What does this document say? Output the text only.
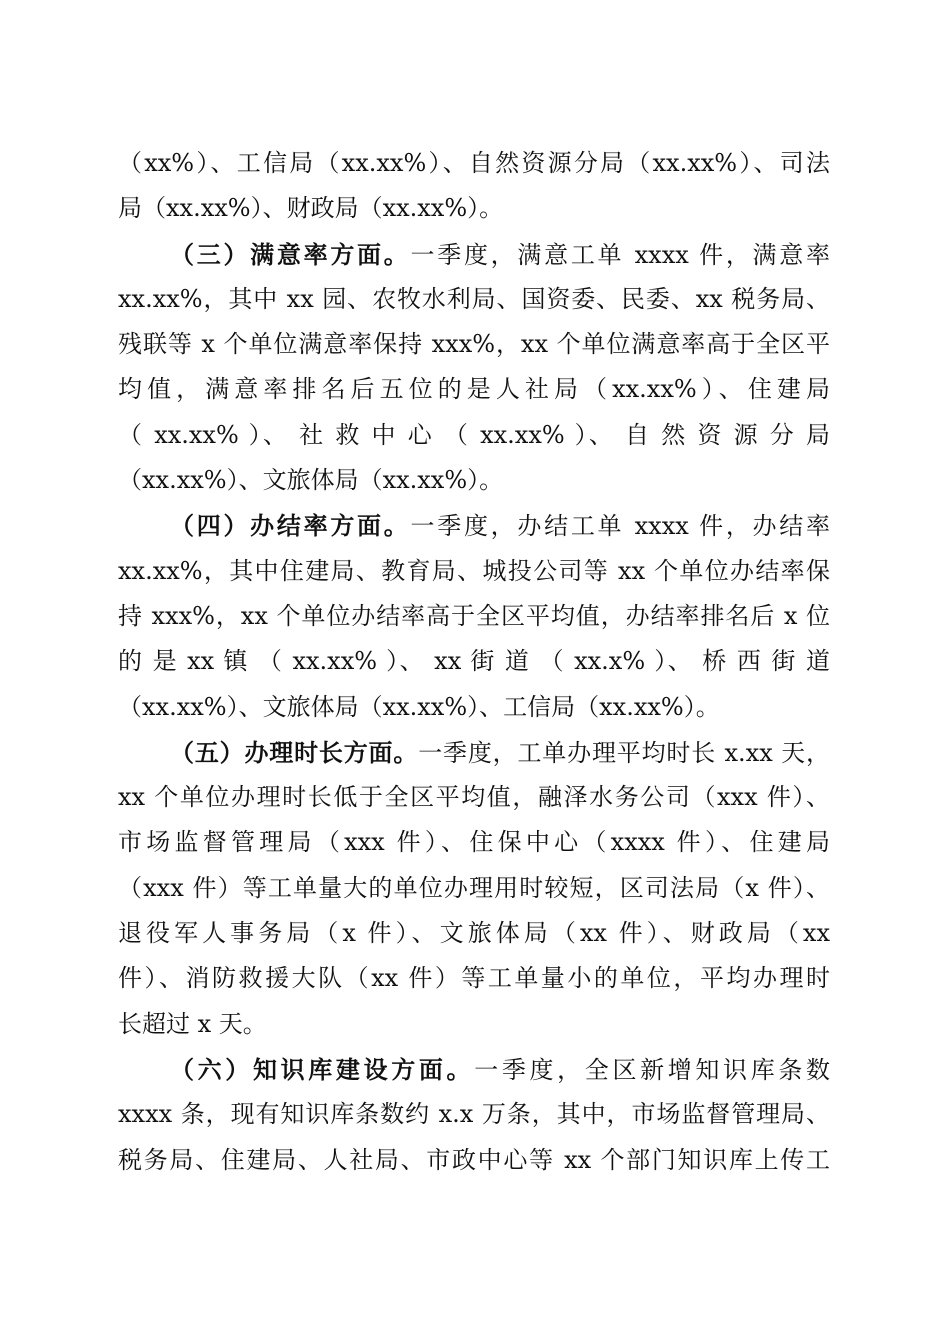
（xx%）、工信局（xx.xx%）、自然资源分局（xx.xx%）、司法
局（xx.xx%）、财政局（xx.xx%）。
（三）满意率方面。一季度，满意工单 xxxx 件，满意率
xx.xx%，其中 xx 园、农牧水利局、国资委、民委、xx 税务局、
残联等 x 个单位满意率保持 xxx%，xx 个单位满意率高于全区平
均值，满意率排名后五位的是人社局（xx.xx%）、住建局
（ xx.xx% ）、 社 救 中 心 （ xx.xx% ）、 自 然 资 源 分 局
（xx.xx%）、文旅体局（xx.xx%）。
（四）办结率方面。一季度，办结工单 xxxx 件，办结率
xx.xx%，其中住建局、教育局、城投公司等 xx 个单位办结率保
持 xxx%，xx 个单位办结率高于全区平均值，办结率排名后 x 位
的 是 xx 镇 （ xx.xx% ）、 xx 街 道 （ xx.x% ）、 桥 西 街 道
（xx.xx%）、文旅体局（xx.xx%）、工信局（xx.xx%）。
（五）办理时长方面。一季度，工单办理平均时长 x.xx 天，
xx 个单位办理时长低于全区平均值，融泽水务公司（xxx 件）、
市场监督管理局（xxx 件）、住保中心（xxxx 件）、住建局
（xxx 件）等工单量大的单位办理用时较短，区司法局（x 件）、
退役军人事务局（x 件）、文旅体局（xx 件）、财政局（xx
件）、消防救援大队（xx 件）等工单量小的单位，平均办理时
长超过 x 天。
（六）知识库建设方面。一季度，全区新增知识库条数
xxxx 条，现有知识库条数约 x.x 万条，其中，市场监督管理局、
税务局、住建局、人社局、市政中心等 xx 个部门知识库上传工
